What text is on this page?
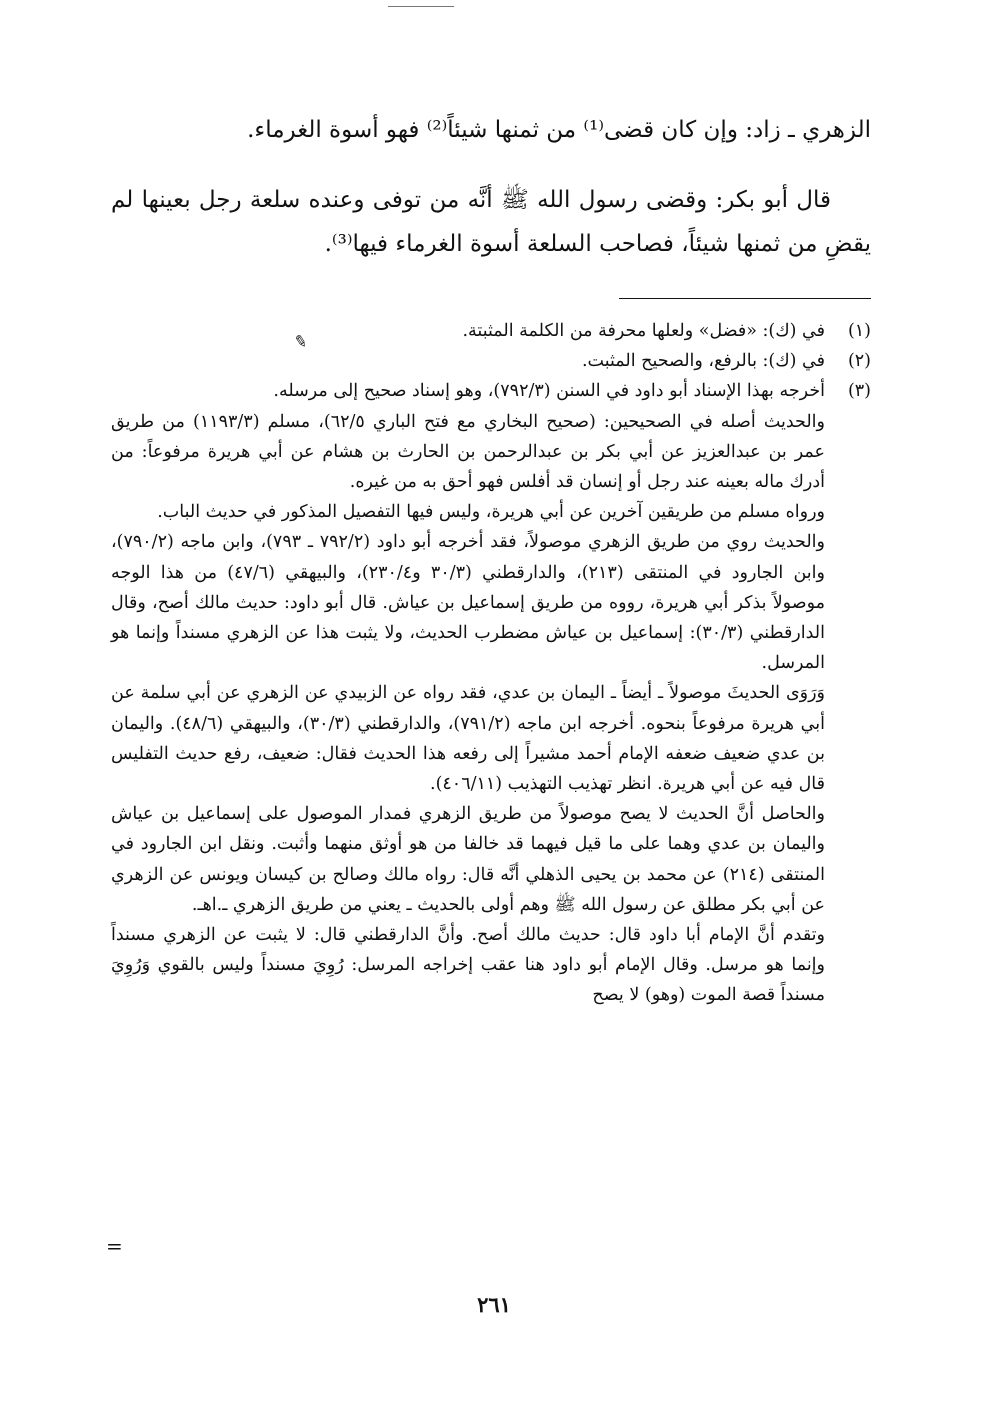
الزهري ـ زاد: وإن كان قضى⁽¹⁾ من ثمنها شيئاً⁽²⁾ فهو أسوة الغرماء.

قال أبو بكر: وقضى رسول الله ﷺ أنَّه من توفى وعنده سلعة رجل بعينها لم يقضِ من ثمنها شيئاً، فصاحب السلعة أسوة الغرماء فيها⁽³⁾.

✎	(١)

في (ك): «فضل» ولعلها محرفة من الكلمة المثبتة.

(٢)

في (ك): بالرفع، والصحيح المثبت.

(٣)

أخرجه بهذا الإسناد أبو داود في السنن (٧٩٢/٣)، وهو إسناد صحيح إلى مرسله.

والحديث أصله في الصحيحين: (صحيح البخاري مع فتح الباري ٦٢/٥)، مسلم (١١٩٣/٣) من طريق عمر بن عبدالعزيز عن أبي بكر بن عبدالرحمن بن الحارث بن هشام عن أبي هريرة مرفوعاً: من أدرك ماله بعينه عند رجل أو إنسان قد أفلس فهو أحق به من غيره.

ورواه مسلم من طريقين آخرين عن أبي هريرة، وليس فيها التفصيل المذكور في حديث الباب.

والحديث روي من طريق الزهري موصولاً، فقد أخرجه أبو داود (٧٩٢/٢ ـ ٧٩٣)، وابن ماجه (٧٩٠/٢)، وابن الجارود في المنتقى (٢١٣)، والدارقطني (٣٠/٣ و٢٣٠/٤)، والبيهقي (٤٧/٦) من هذا الوجه موصولاً بذكر أبي هريرة، رووه من طريق إسماعيل بن عياش. قال أبو داود: حديث مالك أصح، وقال الدارقطني (٣٠/٣): إسماعيل بن عياش مضطرب الحديث، ولا يثبت هذا عن الزهري مسنداً وإنما هو المرسل.

وَرَوَى الحديثَ موصولاً ـ أيضاً ـ اليمان بن عدي، فقد رواه عن الزبيدي عن الزهري عن أبي سلمة عن أبي هريرة مرفوعاً بنحوه. أخرجه ابن ماجه (٧٩١/٢)، والدارقطني (٣٠/٣)، والبيهقي (٤٨/٦). واليمان بن عدي ضعيف ضعفه الإمام أحمد مشيراً إلى رفعه هذا الحديث فقال: ضعيف، رفع حديث التفليس قال فيه عن أبي هريرة. انظر تهذيب التهذيب (٤٠٦/١١).

والحاصل أنَّ الحديث لا يصح موصولاً من طريق الزهري فمدار الموصول على إسماعيل بن عياش واليمان بن عدي وهما على ما قيل فيهما قد خالفا من هو أوثق منهما وأثبت. ونقل ابن الجارود في المنتقى (٢١٤) عن محمد بن يحيى الذهلي أنَّه قال: رواه مالك وصالح بن كيسان ويونس عن الزهري عن أبي بكر مطلق عن رسول الله ﷺ وهم أولى بالحديث ـ يعني من طريق الزهري ـ.اهـ.

وتقدم أنَّ الإمام أبا داود قال: حديث مالك أصح. وأنَّ الدارقطني قال: لا يثبت عن الزهري مسنداً وإنما هو مرسل. وقال الإمام أبو داود هنا عقب إخراجه المرسل: رُوِيَ مسنداً وليس بالقوي وَرُوِيَ مسنداً قصة الموت (وهو) لا يصح

=
٢٦١
